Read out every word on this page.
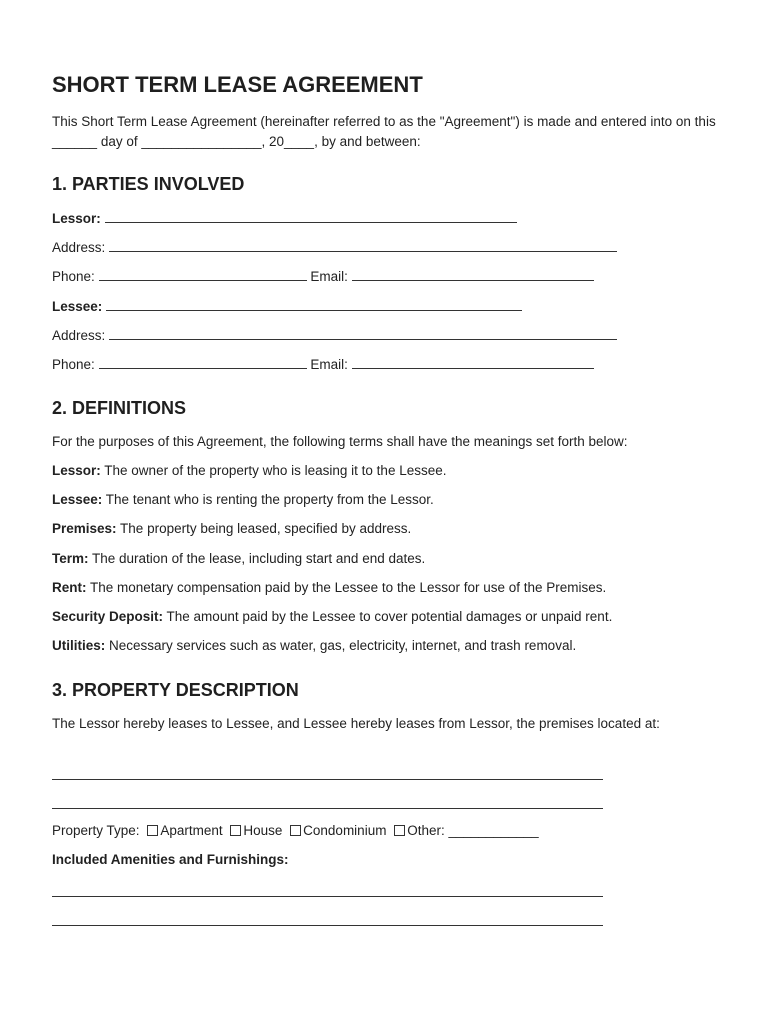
SHORT TERM LEASE AGREEMENT
This Short Term Lease Agreement (hereinafter referred to as the "Agreement") is made and entered into on this ______ day of ________________, 20____, by and between:
1. PARTIES INVOLVED
Lessor:
Address:
Phone:	Email:
Lessee:
Address:
Phone:	Email:
2. DEFINITIONS
For the purposes of this Agreement, the following terms shall have the meanings set forth below:
Lessor: The owner of the property who is leasing it to the Lessee.
Lessee: The tenant who is renting the property from the Lessor.
Premises: The property being leased, specified by address.
Term: The duration of the lease, including start and end dates.
Rent: The monetary compensation paid by the Lessee to the Lessor for use of the Premises.
Security Deposit: The amount paid by the Lessee to cover potential damages or unpaid rent.
Utilities: Necessary services such as water, gas, electricity, internet, and trash removal.
3. PROPERTY DESCRIPTION
The Lessor hereby leases to Lessee, and Lessee hereby leases from Lessor, the premises located at:
Property Type: Apartment House Condominium Other: ____________
Included Amenities and Furnishings:
